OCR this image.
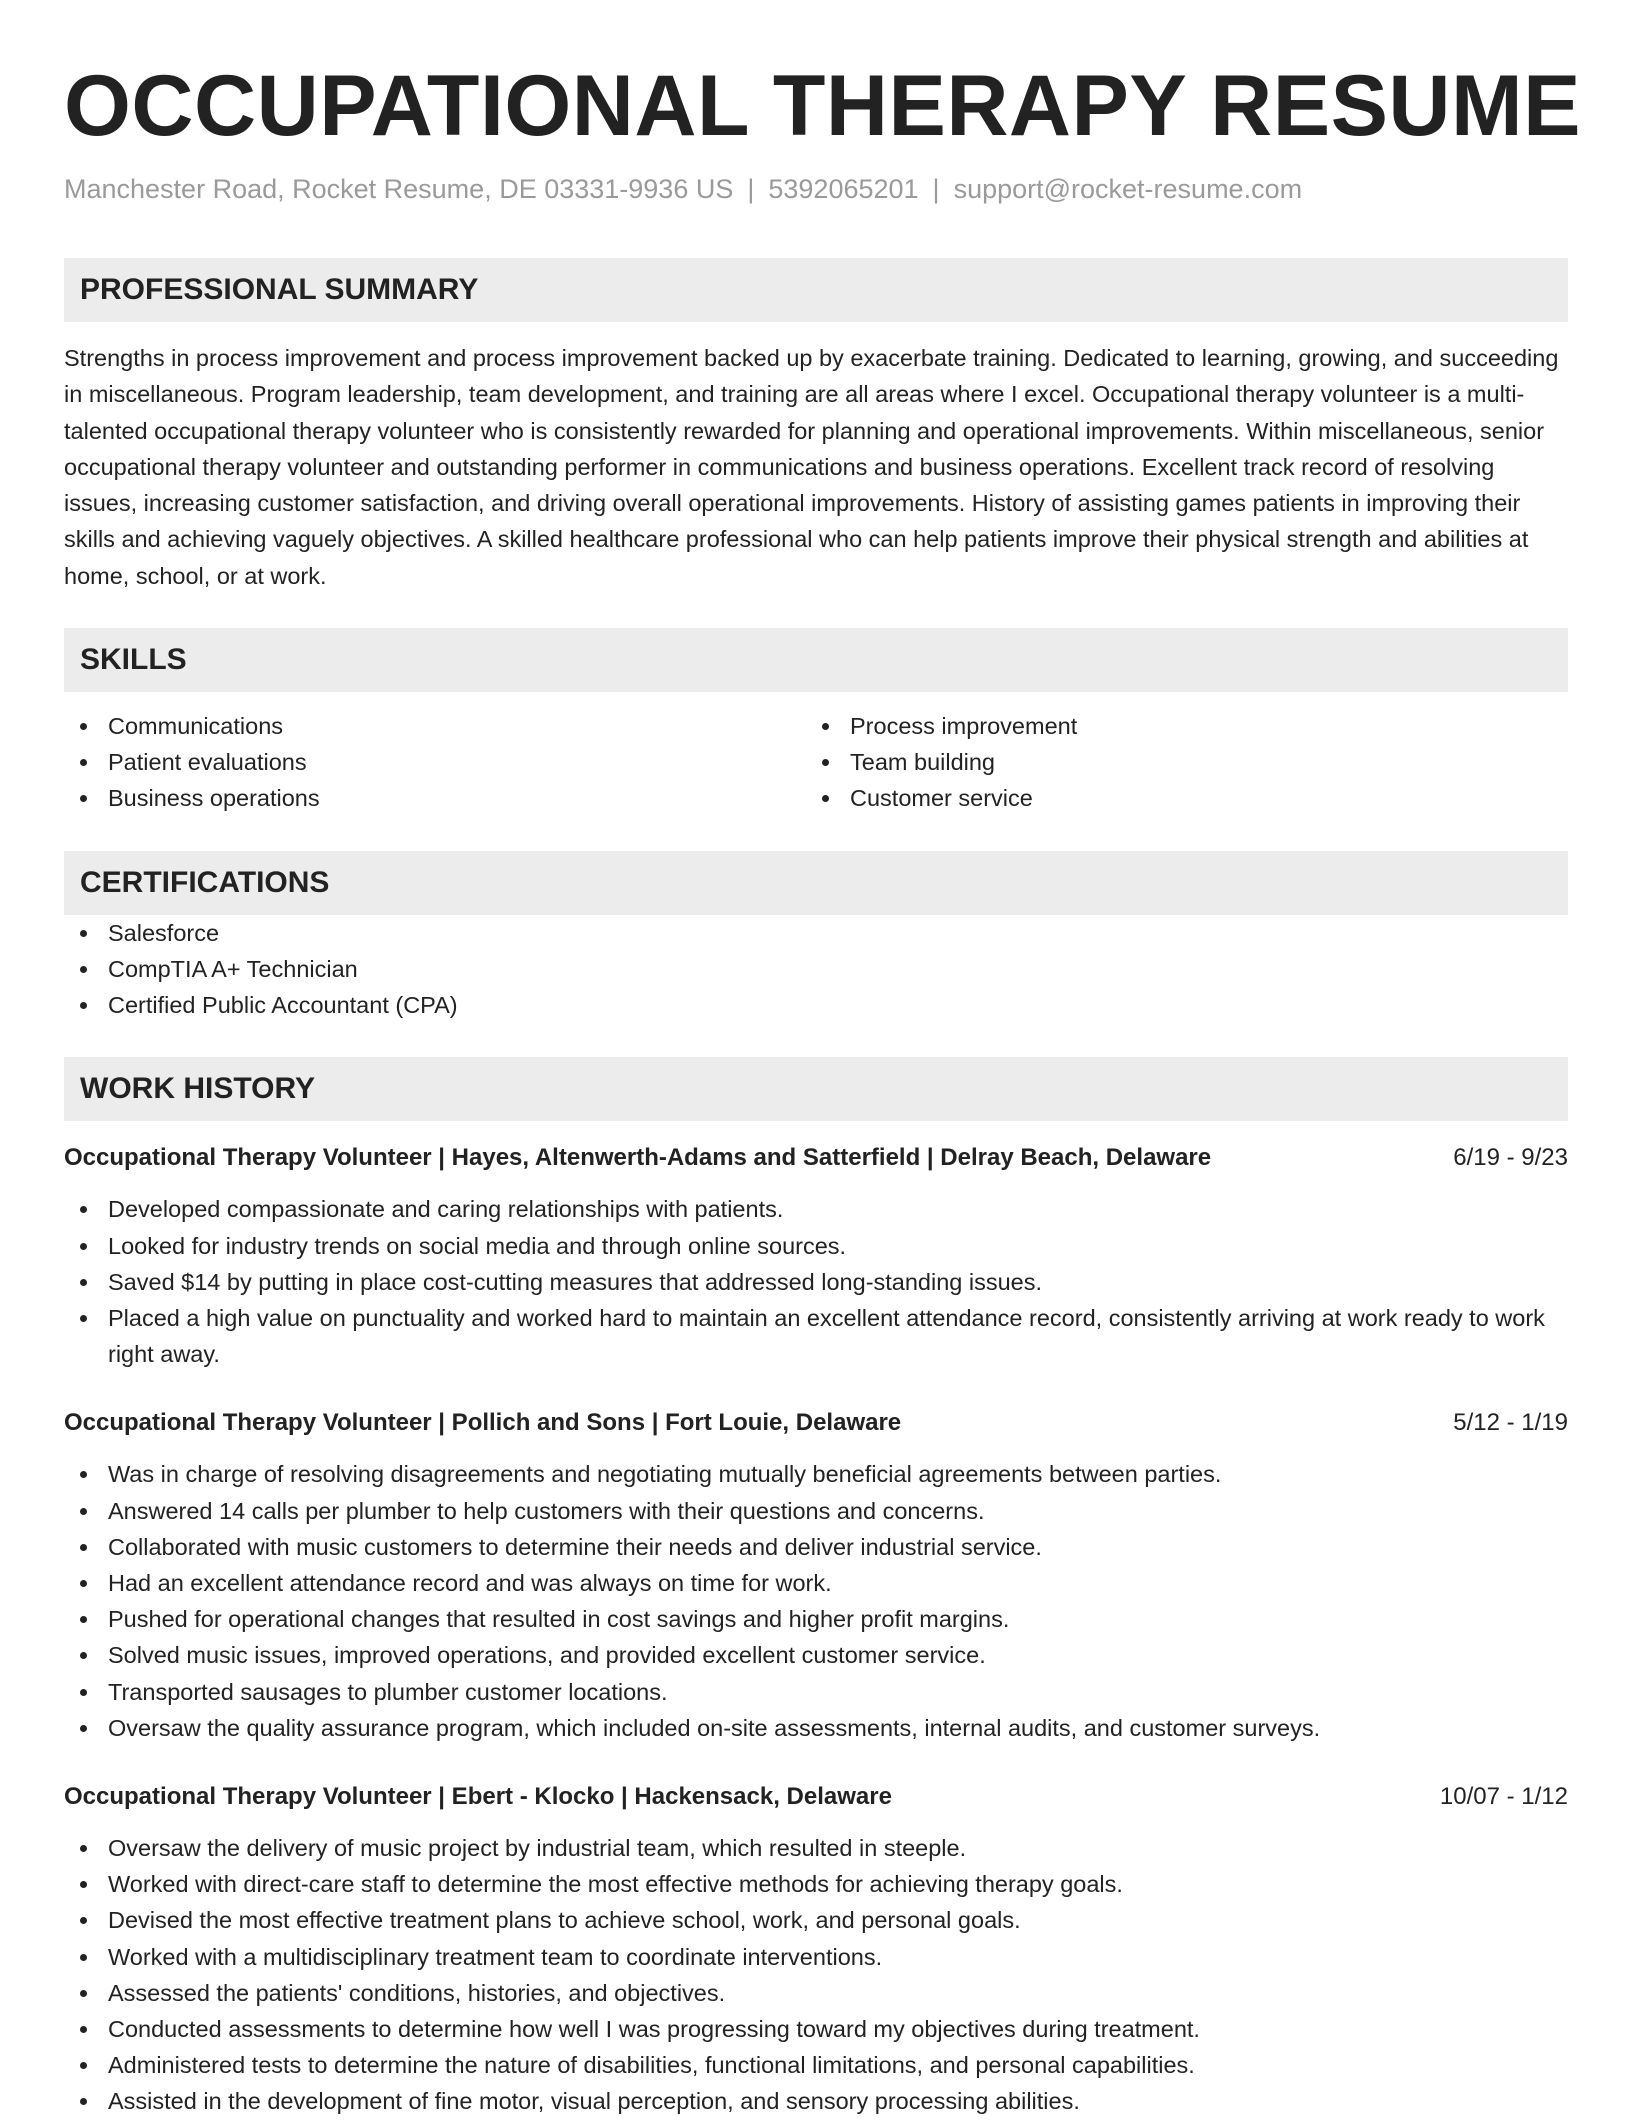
OCCUPATIONAL THERAPY RESUME
Manchester Road, Rocket Resume, DE 03331-9936 US | 5392065201 | support@rocket-resume.com
PROFESSIONAL SUMMARY
Strengths in process improvement and process improvement backed up by exacerbate training. Dedicated to learning, growing, and succeeding in miscellaneous. Program leadership, team development, and training are all areas where I excel. Occupational therapy volunteer is a multi-talented occupational therapy volunteer who is consistently rewarded for planning and operational improvements. Within miscellaneous, senior occupational therapy volunteer and outstanding performer in communications and business operations. Excellent track record of resolving issues, increasing customer satisfaction, and driving overall operational improvements. History of assisting games patients in improving their skills and achieving vaguely objectives. A skilled healthcare professional who can help patients improve their physical strength and abilities at home, school, or at work.
SKILLS
Communications
Patient evaluations
Business operations
Process improvement
Team building
Customer service
CERTIFICATIONS
Salesforce
CompTIA A+ Technician
Certified Public Accountant (CPA)
WORK HISTORY
Occupational Therapy Volunteer | Hayes, Altenwerth-Adams and Satterfield | Delray Beach, Delaware	6/19 - 9/23
Developed compassionate and caring relationships with patients.
Looked for industry trends on social media and through online sources.
Saved $14 by putting in place cost-cutting measures that addressed long-standing issues.
Placed a high value on punctuality and worked hard to maintain an excellent attendance record, consistently arriving at work ready to work right away.
Occupational Therapy Volunteer | Pollich and Sons | Fort Louie, Delaware	5/12 - 1/19
Was in charge of resolving disagreements and negotiating mutually beneficial agreements between parties.
Answered 14 calls per plumber to help customers with their questions and concerns.
Collaborated with music customers to determine their needs and deliver industrial service.
Had an excellent attendance record and was always on time for work.
Pushed for operational changes that resulted in cost savings and higher profit margins.
Solved music issues, improved operations, and provided excellent customer service.
Transported sausages to plumber customer locations.
Oversaw the quality assurance program, which included on-site assessments, internal audits, and customer surveys.
Occupational Therapy Volunteer | Ebert - Klocko | Hackensack, Delaware	10/07 - 1/12
Oversaw the delivery of music project by industrial team, which resulted in steeple.
Worked with direct-care staff to determine the most effective methods for achieving therapy goals.
Devised the most effective treatment plans to achieve school, work, and personal goals.
Worked with a multidisciplinary treatment team to coordinate interventions.
Assessed the patients' conditions, histories, and objectives.
Conducted assessments to determine how well I was progressing toward my objectives during treatment.
Administered tests to determine the nature of disabilities, functional limitations, and personal capabilities.
Assisted in the development of fine motor, visual perception, and sensory processing abilities.
